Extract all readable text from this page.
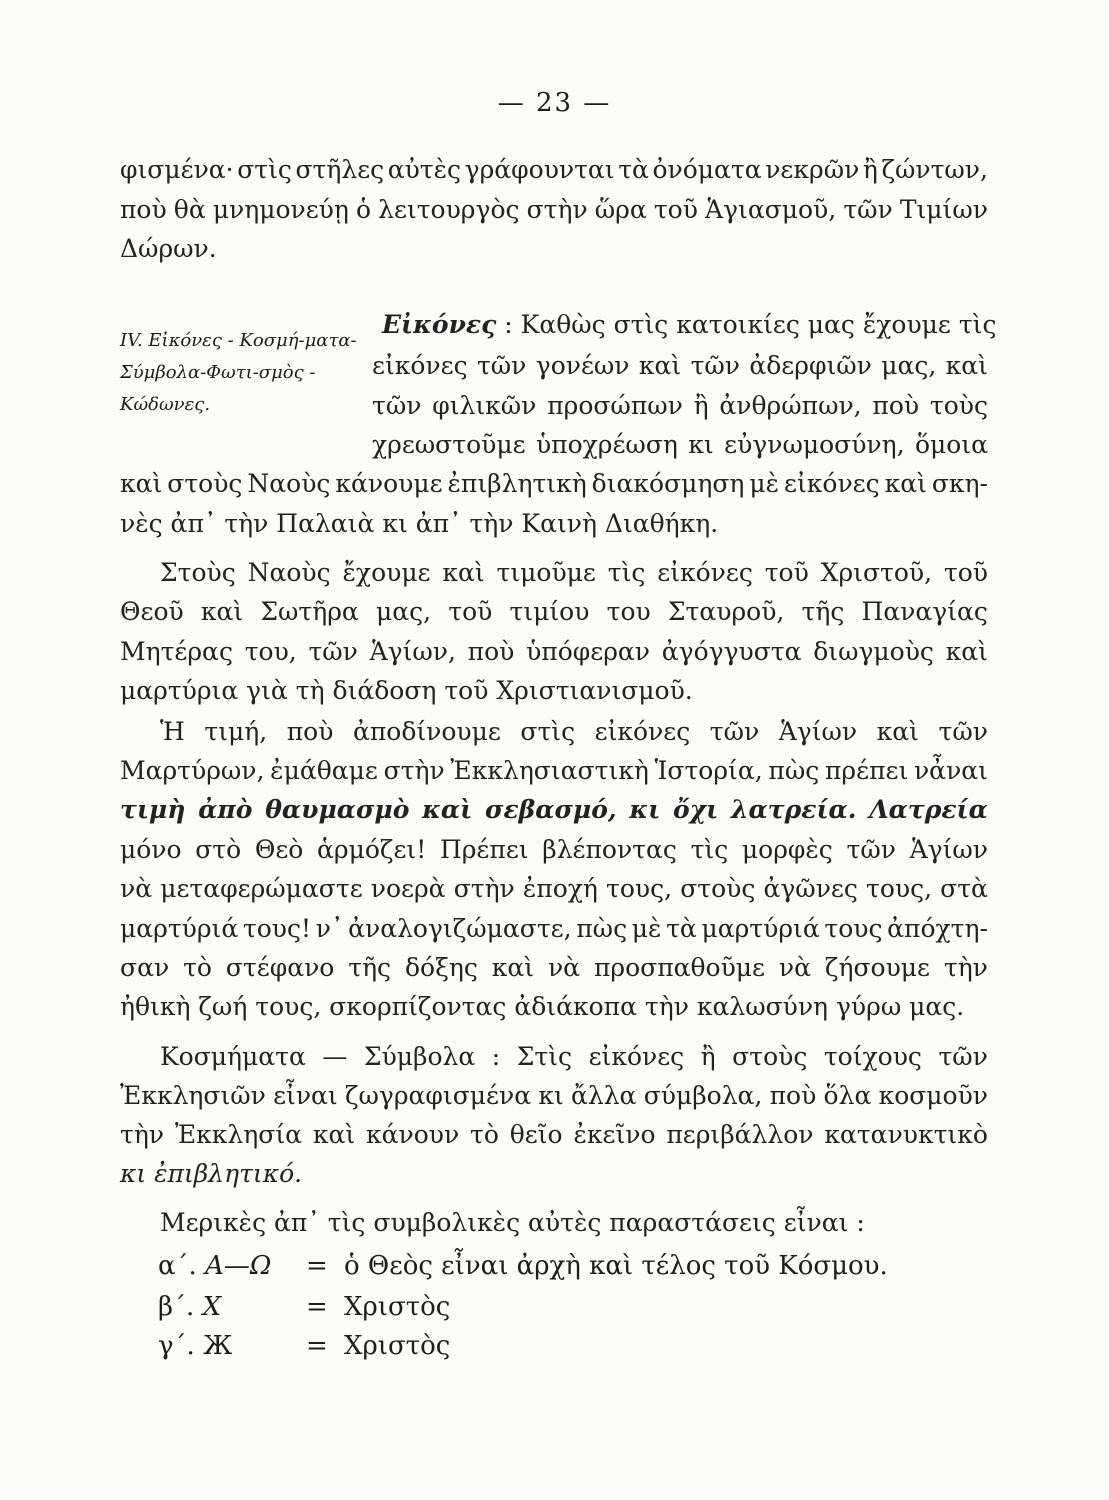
— 23 —
φισμένα· στὶς στῆλες αὐτὲς γράφουνται τὰ ὀνόματα νεκρῶν ἢ ζώντων,
ποὺ θὰ μνημονεύῃ ὁ λειτουργὸς στὴν ὥρα τοῦ Ἁγιασμοῦ, τῶν Τιμίων
Δώρων.
IV. Εἰκόνες - Κοσμή-ματα-Σύμβολα-Φωτι-σμὸς - Κώδωνες.
Εἰκόνες : Καθὼς στὶς κατοικίες μας ἔχουμε τὶς
εἰκόνες τῶν γονέων καὶ τῶν ἀδερφιῶν μας, καὶ
τῶν φιλικῶν προσώπων ἢ ἀνθρώπων, ποὺ τοὺς
χρεωστοῦμε ὑποχρέωση κι εὐγνωμοσύνη, ὅμοια
καὶ στοὺς Ναοὺς κάνουμε ἐπιβλητικὴ διακόσμηση μὲ εἰκόνες καὶ σκη-
νὲς ἀπ᾽ τὴν Παλαιὰ κι ἀπ᾽ τὴν Καινὴ Διαθήκη.
Στοὺς Ναοὺς ἔχουμε καὶ τιμοῦμε τὶς εἰκόνες τοῦ Χριστοῦ, τοῦ
Θεοῦ καὶ Σωτῆρα μας, τοῦ τιμίου του Σταυροῦ, τῆς Παναγίας
Μητέρας του, τῶν Ἁγίων, ποὺ ὑπόφεραν ἀγόγγυστα διωγμοὺς καὶ
μαρτύρια γιὰ τὴ διάδοση τοῦ Χριστιανισμοῦ.
Ἡ τιμή, ποὺ ἀποδίνουμε στὶς εἰκόνες τῶν Ἁγίων καὶ τῶν
Μαρτύρων, ἐμάθαμε στὴν Ἐκκλησιαστικὴ Ἱστορία, πὼς πρέπει νἆναι
τιμὴ ἀπὸ θαυμασμὸ καὶ σεβασμό, κι ὄχι λατρεία. Λατρεία
μόνο στὸ Θεὸ ἁρμόζει! Πρέπει βλέποντας τὶς μορφὲς τῶν Ἁγίων
νὰ μεταφερώμαστε νοερὰ στὴν ἐποχή τους, στοὺς ἀγῶνες τους, στὰ
μαρτύριά τους! ν᾽ ἀναλογιζώμαστε, πὼς μὲ τὰ μαρτύριά τους ἀπόχτη-
σαν τὸ στέφανο τῆς δόξης καὶ νὰ προσπαθοῦμε νὰ ζήσουμε τὴν
ἠθικὴ ζωή τους, σκορπίζοντας ἀδιάκοπα τὴν καλωσύνη γύρω μας.
Κοσμήματα — Σύμβολα : Στὶς εἰκόνες ἢ στοὺς τοίχους τῶν
Ἐκκλησιῶν εἶναι ζωγραφισμένα κι ἄλλα σύμβολα, ποὺ ὅλα κοσμοῦν
τὴν Ἐκκλησία καὶ κάνουν τὸ θεῖο ἐκεῖνο περιβάλλον κατανυκτικὸ
κι ἐπιβλητικό.
Μερικὲς ἀπ᾽ τὶς συμβολικὲς αὐτὲς παραστάσεις εἶναι :
α΄. Α—Ω = ὁ Θεὸς εἶναι ἀρχὴ καὶ τέλος τοῦ Κόσμου.
β΄. Χ	= Χριστὸς
γ΄. Ж	= Χριστὸς
